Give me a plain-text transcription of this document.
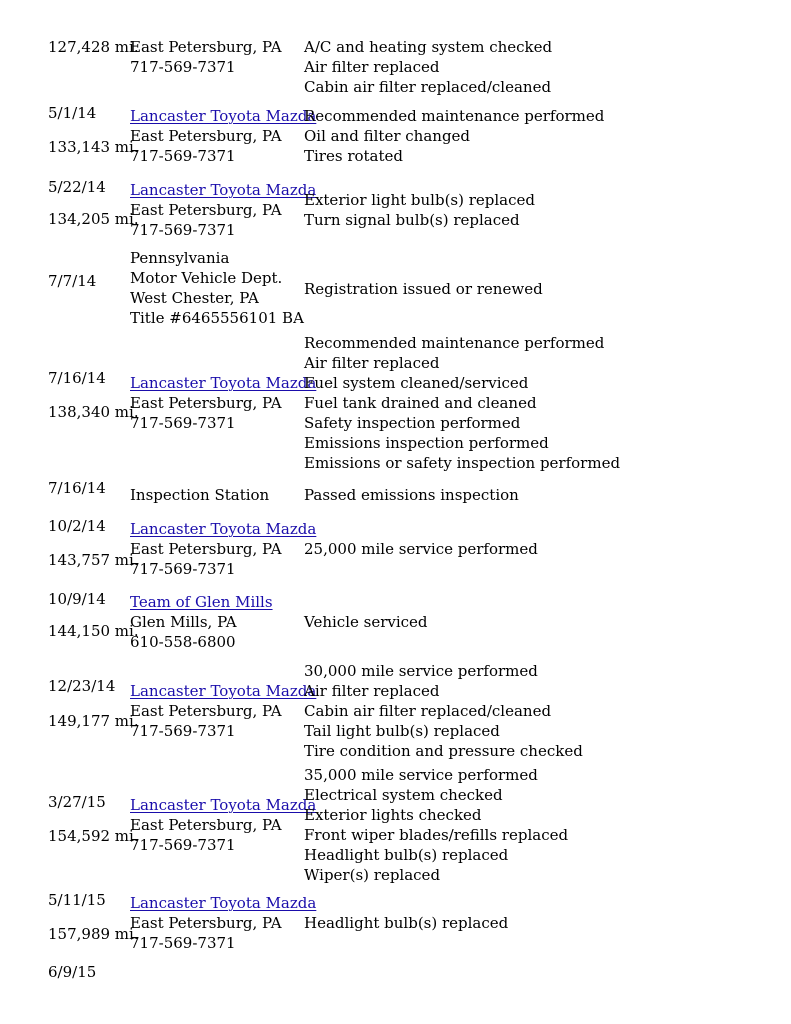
127,428 mi.
East Petersburg, PA
717-569-7371
A/C and heating system checked
Air filter replaced
Cabin air filter replaced/cleaned
5/1/14
133,143 mi.
Lancaster Toyota Mazda
East Petersburg, PA
717-569-7371
Recommended maintenance performed
Oil and filter changed
Tires rotated
5/22/14
134,205 mi.
Lancaster Toyota Mazda
East Petersburg, PA
717-569-7371
Exterior light bulb(s) replaced
Turn signal bulb(s) replaced
7/7/14
Pennsylvania
Motor Vehicle Dept.
West Chester, PA
Title #6465556101 BA
Registration issued or renewed
7/16/14
138,340 mi.
Lancaster Toyota Mazda
East Petersburg, PA
717-569-7371
Recommended maintenance performed
Air filter replaced
Fuel system cleaned/serviced
Fuel tank drained and cleaned
Safety inspection performed
Emissions inspection performed
Emissions or safety inspection performed
7/16/14	Inspection Station	Passed emissions inspection
10/2/14
143,757 mi.
Lancaster Toyota Mazda
East Petersburg, PA
717-569-7371
25,000 mile service performed
10/9/14
144,150 mi.
Team of Glen Mills
Glen Mills, PA
610-558-6800
Vehicle serviced
12/23/14
149,177 mi.
Lancaster Toyota Mazda
East Petersburg, PA
717-569-7371
30,000 mile service performed
Air filter replaced
Cabin air filter replaced/cleaned
Tail light bulb(s) replaced
Tire condition and pressure checked
3/27/15
154,592 mi.
Lancaster Toyota Mazda
East Petersburg, PA
717-569-7371
35,000 mile service performed
Electrical system checked
Exterior lights checked
Front wiper blades/refills replaced
Headlight bulb(s) replaced
Wiper(s) replaced
5/11/15
157,989 mi.
Lancaster Toyota Mazda
East Petersburg, PA
717-569-7371
Headlight bulb(s) replaced
6/9/15
